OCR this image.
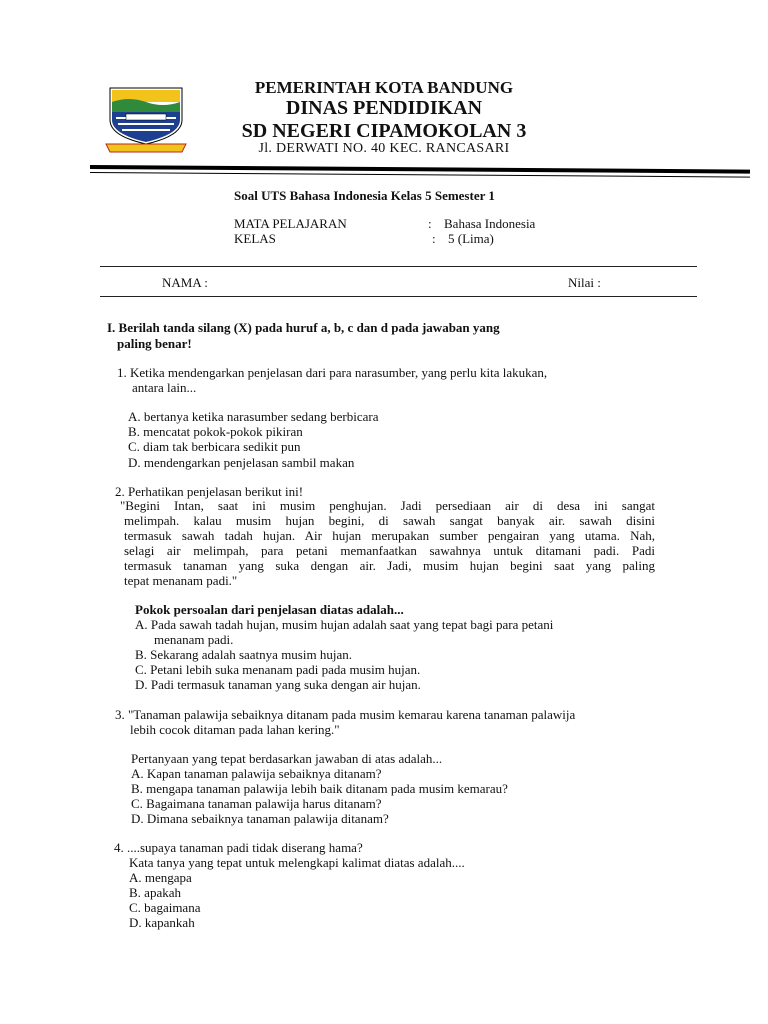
PEMERINTAH KOTA BANDUNG
DINAS PENDIDIKAN
SD NEGERI CIPAMOKOLAN 3
Jl. DERWATI NO. 40 KEC. RANCASARI
Soal UTS Bahasa Indonesia Kelas 5 Semester 1
MATA PELAJARAN	: Bahasa Indonesia
KELAS	: 5 (Lima)
NAMA :	Nilai :
I. Berilah tanda silang (X) pada huruf a, b, c dan d pada jawaban yang
paling benar!
1. Ketika mendengarkan penjelasan dari para narasumber, yang perlu kita lakukan,
antara lain...
A. bertanya ketika narasumber sedang berbicara
B. mencatat pokok-pokok pikiran
C. diam tak berbicara sedikit pun
D. mendengarkan penjelasan sambil makan
2. Perhatikan penjelasan berikut ini!
"Begini Intan, saat ini musim penghujan. Jadi persediaan air di desa ini sangat
melimpah. kalau musim hujan begini, di sawah sangat banyak air. sawah disini
termasuk sawah tadah hujan. Air hujan merupakan sumber pengairan yang utama. Nah,
selagi air melimpah, para petani memanfaatkan sawahnya untuk ditamani padi. Padi
termasuk tanaman yang suka dengan air. Jadi, musim hujan begini saat yang paling
tepat menanam padi."
Pokok persoalan dari penjelasan diatas adalah...
A. Pada sawah tadah hujan, musim hujan adalah saat yang tepat bagi para petani
menanam padi.
B. Sekarang adalah saatnya musim hujan.
C. Petani lebih suka menanam padi pada musim hujan.
D. Padi termasuk tanaman yang suka dengan air hujan.
3. "Tanaman palawija sebaiknya ditanam pada musim kemarau karena tanaman palawija
lebih cocok ditaman pada lahan kering."
Pertanyaan yang tepat berdasarkan jawaban di atas adalah...
A. Kapan tanaman palawija sebaiknya ditanam?
B. mengapa tanaman palawija lebih baik ditanam pada musim kemarau?
C. Bagaimana tanaman palawija harus ditanam?
D. Dimana sebaiknya tanaman palawija ditanam?
4. ....supaya tanaman padi tidak diserang hama?
Kata tanya yang tepat untuk melengkapi kalimat diatas adalah....
A. mengapa
B. apakah
C. bagaimana
D. kapankah
